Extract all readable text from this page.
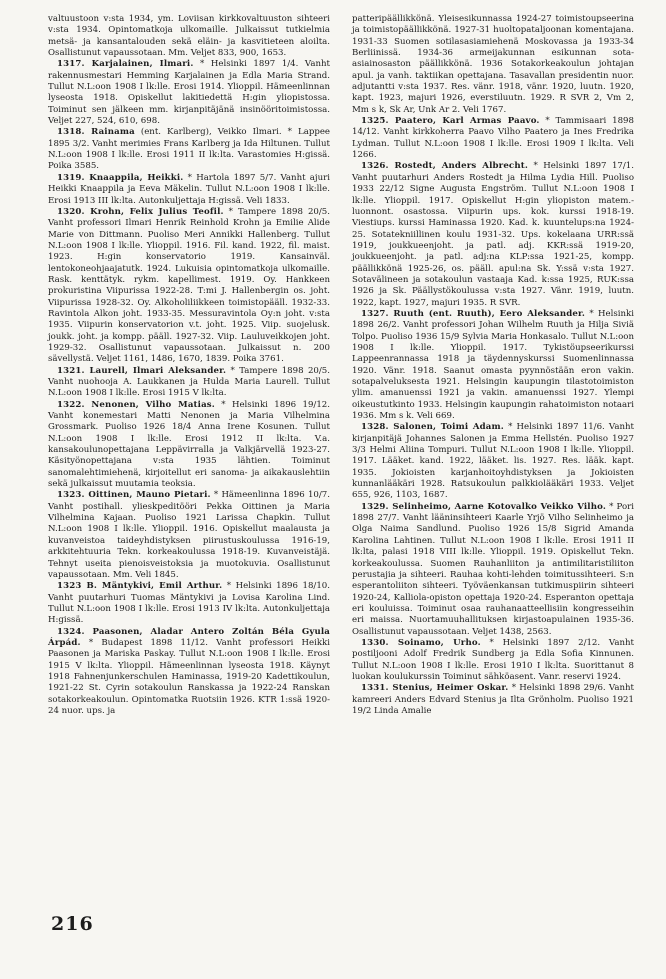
valtuustoon v:sta 1934, ym. Loviisan kirkkovaltuuston sihteeri v:sta 1934. Opintomatkoja ulkomaille. Julkaissut tutkielmia metsä- ja kansantalouden sekä eläin- ja kasvitieteen aloilta. Osallistunut vapaussotaan. Mm. Veljet 833, 900, 1653.

1317. Karjalainen, Ilmari. * Helsinki 1897 1/4. Vanht rakennusmestari Hemming Karjalainen ja Edla Maria Strand. Tullut N.L:oon 1908 I lk:lle. Erosi 1914. Ylioppil. Hämeenlinnan lyseosta 1918. Opiskellut lakitiedettä H:gin yliopistossa. Toiminut sen jälkeen mm. kirjanpitäjänä insinööritoimistossa. Veljet 227, 524, 610, 698.

1318. Rainama (ent. Karlberg), Veikko Ilmari. * Lappee 1895 3/2. Vanht merimies Frans Karlberg ja Ida Hiltunen. Tullut N.L:oon 1908 I lk:lle. Erosi 1911 II lk:lta. Varastomies H:gissä. Poika 3585.

1319. Knaappila, Heikki. * Hartola 1897 5/7. Vanht ajuri Heikki Knaappila ja Eeva Mäkelin. Tullut N.L:oon 1908 I lk:lle. Erosi 1913 III lk:lta. Autonkuljettaja H:gissä. Veli 1833.

1320. Krohn, Felix Julius Teofil. * Tampere 1898 20/5. Vanht professori Ilmari Henrik Reinhold Krohn ja Emilie Alide Marie von Dittmann. Puoliso Meri Annikki Hallenberg. Tullut N.L:oon 1908 I lk:lle. Ylioppil. 1916. Fil. kand. 1922, fil. maist. 1923. H:gin konservatorio 1919. Kansainväl. lentokoneohjaajatutk. 1924. Lukuisia opintomatkoja ulkomaille. Rask. kenttätyk. rykm. kapellimest. 1919. Oy. Hankkeen prokuristina Viipurissa 1922-28. T:mi J. Hallenbergin os. joht. Viipurissa 1928-32. Oy. Alkoholiliikkeen toimistopääll. 1932-33. Ravintola Alkon joht. 1933-35. Messuravintola Oy:n joht. v:sta 1935. Viipurin konservatorion v.t. joht. 1925. Viip. suojelusk. joukk. joht. ja kompp. pääll. 1927-32. Viip. Lauluveikkojen joht. 1929-32. Osallistunut vapaussotaan. Julkaissut n. 200 sävellystä. Veljet 1161, 1486, 1670, 1839. Poika 3761.

1321. Laurell, Ilmari Aleksander. * Tampere 1898 20/5. Vanht nuohooja A. Laukkanen ja Hulda Maria Laurell. Tullut N.L:oon 1908 I lk:lle. Erosi 1915 V lk:lta.

1322. Nenonen, Vilho Matias. * Helsinki 1896 19/12. Vanht konemestari Matti Nenonen ja Maria Vilhelmina Grossmark. Puoliso 1926 18/4 Anna Irene Kosunen. Tullut N.L:oon 1908 I lk:lle. Erosi 1912 II lk:lta. V.a. kansakoulunopettajana Leppävirralla ja Valkjärvellä 1923-27. Käsityönopettajana v:sta 1935 lähtien. Toiminut sanomalehtimiehenä, kirjoitellut eri sanoma- ja aikakauslehtiin sekä julkaissut muutamia teoksia.

1323. Oittinen, Mauno Pietari. * Hämeenlinna 1896 10/7. Vanht postihall. ylieskpeditööri Pekka Oittinen ja Maria Vilhelmina Kajaan. Puoliso 1921 Larissa Chapkin. Tullut N.L:oon 1908 I lk:lle. Ylioppil. 1916. Opiskellut maalausta ja kuvanveistoa taideyhdistyksen piirustuskoulussa 1916-19, arkkitehtuuria Tekn. korkeakoulussa 1918-19. Kuvanveistäjä. Tehnyt useita pienoisveistoksia ja muotokuvia. Osallistunut vapaussotaan. Mm. Veli 1845.

1323 B. Mäntykivi, Emil Arthur. * Helsinki 1896 18/10. Vanht puutarhuri Tuomas Mäntykivi ja Lovisa Karolina Lind. Tullut N.L:oon 1908 I lk:lle. Erosi 1913 IV lk:lta. Autonkuljettaja H:gissä.

1324. Paasonen, Aladar Antero Zoltán Béla Gyula Árpád. * Budapest 1898 11/12. Vanht professori Heikki Paasonen ja Mariska Paskay. Tullut N.L:oon 1908 I lk:lle. Erosi 1915 V lk:lta. Ylioppil. Hämeenlinnan lyseosta 1918. Käynyt 1918 Fahnenjunkerschulen Haminassa, 1919-20 Kadettikoulun, 1921-22 St. Cyrin sotakoulun Ranskassa ja 1922-24 Ranskan sotakorkeakoulun. Opintomatka Ruotsiin 1926. KTR 1:ssä 1920-24 nuor. ups. ja

patteripäällikkönä. Yleisesikunnassa 1924-27 toimistoupseerina ja toimistopäällikkönä. 1927-31 huoltopataljoonan komentajana. 1931-33 Suomen sotilasasiamiehenä Moskovassa ja 1933-34 Berliinissä. 1934-36 armeijakunnan esikunnan sota-asiainosaston päällikkönä. 1936 Sotakorkeakoulun johtajan apul. ja vanh. taktiikan opettajana. Tasavallan presidentin nuor. adjutantti v:sta 1937. Res. vänr. 1918, vänr. 1920, luutn. 1920, kapt. 1923, majuri 1926, everstiluutn. 1929. R SVR 2, Vm 2, Mm s k, Sk Ar, Unk Ar 2. Veli 1767.

1325. Paatero, Karl Armas Paavo. * Tammisaari 1898 14/12. Vanht kirkkoherra Paavo Vilho Paatero ja Ines Fredrika Lydman. Tullut N.L:oon 1908 I lk:lle. Erosi 1909 I lk:lta. Veli 1266.

1326. Rostedt, Anders Albrecht. * Helsinki 1897 17/1. Vanht puutarhuri Anders Rostedt ja Hilma Lydia Hill. Puoliso 1933 22/12 Signe Augusta Engström. Tullut N.L:oon 1908 I lk:lle. Ylioppil. 1917. Opiskellut H:gin yliopiston matem.-luonnont. osastossa. Viipurin ups. kok. kurssi 1918-19. Viestiups. kurssi Haminassa 1920. Kad. k. kuuntelups:na 1924-25. Sotatekniillinen koulu 1931-32. Ups. kokelaana URR:ssä 1919, joukkueenjoht. ja patl. adj. KKR:ssä 1919-20, joukkueenjoht. ja patl. adj:na KLP:ssa 1921-25, kompp. päällikkönä 1925-26, os. pääll. apul:na Sk. Y:ssä v:sta 1927. Sotavälineen ja sotakoulun vastaaja Kad. k:ssa 1925, RUK:ssa 1926 ja Sk. Päällystökoulussa v:sta 1927. Vänr. 1919, luutn. 1922, kapt. 1927, majuri 1935. R SVR.

1327. Ruuth (ent. Ruuth), Eero Aleksander. * Helsinki 1898 26/2. Vanht professori Johan Wilhelm Ruuth ja Hilja Siviä Tolpo. Puoliso 1936 15/9 Sylvia Maria Honkasalo. Tullut N.L:oon 1908 I lk:lle. Ylioppil. 1917. Tykistöupseerikurssi Lappeenrannassa 1918 ja täydennyskurssi Suomenlinnassa 1920. Vänr. 1918. Saanut omasta pyynnöstään eron vakin. sotapalveluksesta 1921. Helsingin kaupungin tilastotoimiston ylim. amanuenssi 1921 ja vakin. amanuenssi 1927. Ylempi oikeustutkinto 1933. Helsingin kaupungin rahatoimiston notaari 1936. Mm s k. Veli 669.

1328. Salonen, Toimi Adam. * Helsinki 1897 11/6. Vanht kirjanpitäjä Johannes Salonen ja Emma Hellstén. Puoliso 1927 3/3 Helmi Aliina Tompuri. Tullut N.L:oon 1908 I lk:lle. Ylioppil. 1917. Lääket. kand. 1922, lääket. lis. 1927. Res. lääk. kapt. 1935. Jokioisten karjanhoitoyhdistyksen ja Jokioisten kunnanlääkäri 1928. Ratsukoulun palkkiolääkäri 1933. Veljet 655, 926, 1103, 1687.

1329. Selinheimo, Aarne Kotovalko Veikko Vilho. * Pori 1898 27/7. Vanht lääninsihteeri Kaarle Yrjö Vilho Selinheimo ja Olga Naima Sandlund. Puoliso 1926 15/8 Sigrid Amanda Karolina Lahtinen. Tullut N.L:oon 1908 I lk:lle. Erosi 1911 II lk:lta, palasi 1918 VIII lk:lle. Ylioppil. 1919. Opiskellut Tekn. korkeakoulussa. Suomen Rauhanliiton ja antimilitaristiliiton perustajia ja sihteeri. Rauhaa kohti-lehden toimitussihteeri. S:n esperantoliiton sihteeri. Työväenkansan tutkimuspiirin sihteeri 1920-24, Kalliola-opiston opettaja 1920-24. Esperanton opettaja eri kouluissa. Toiminut osaa rauhanaatteellisiin kongresseihin eri maissa. Nuortamuuhallituksen kirjastoapulainen 1935-36. Osallistunut vapaussotaan. Veljet 1438, 2563.

1330. Soinamo, Urho. * Helsinki 1897 2/12. Vanht postiljooni Adolf Fredrik Sundberg ja Edla Sofia Kinnunen. Tullut N.L:oon 1908 I lk:lle. Erosi 1910 I lk:lta. Suorittanut 8 luokan koulukurssin Toiminut sähköasent. Vanr. reservi 1924.

1331. Stenius, Heimer Oskar. * Helsinki 1898 29/6. Vanht kamreeri Anders Edvard Stenius ja Ilta Grönholm. Puoliso 1921 19/2 Linda Amalie

216
